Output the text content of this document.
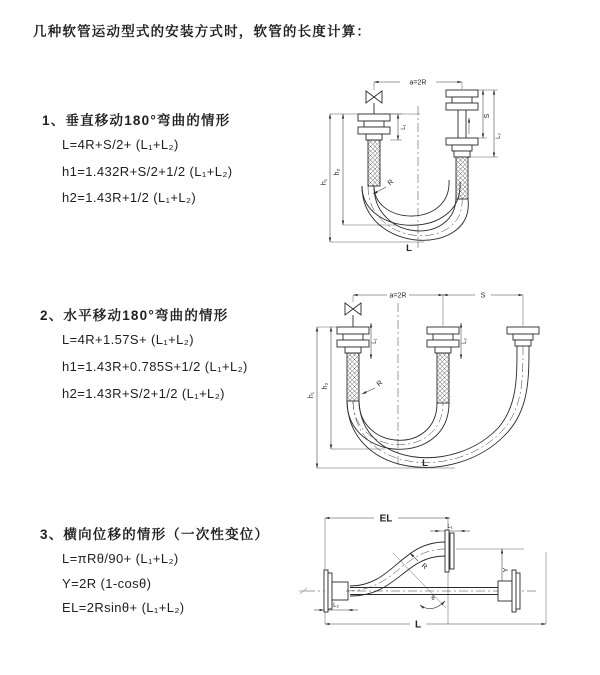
几种软管运动型式的安装方式时，软管的长度计算：
1、垂直移动180°弯曲的情形
L=4R+S/2+ (L₁+L₂)
h1=1.432R+S/2+1/2 (L₁+L₂)
h2=1.43R+1/2 (L₁+L₂)
2、水平移动180°弯曲的情形
L=4R+1.57S+ (L₁+L₂)
h1=1.43R+0.785S+1/2 (L₁+L₂)
h2=1.43R+S/2+1/2 (L₁+L₂)
3、横向位移的情形（一次性变位）
L=πRθ/90+ (L₁+L₂)
Y=2R (1-cosθ)
EL=2Rsinθ+ (L₁+L₂)
a=2R
L₁
S
L₂
h₁
h₂
R
L
a=2R	S
L₁	L₂
h₁
h₂	R
L
EL
L₁
Y
L₂
L
R
θ
